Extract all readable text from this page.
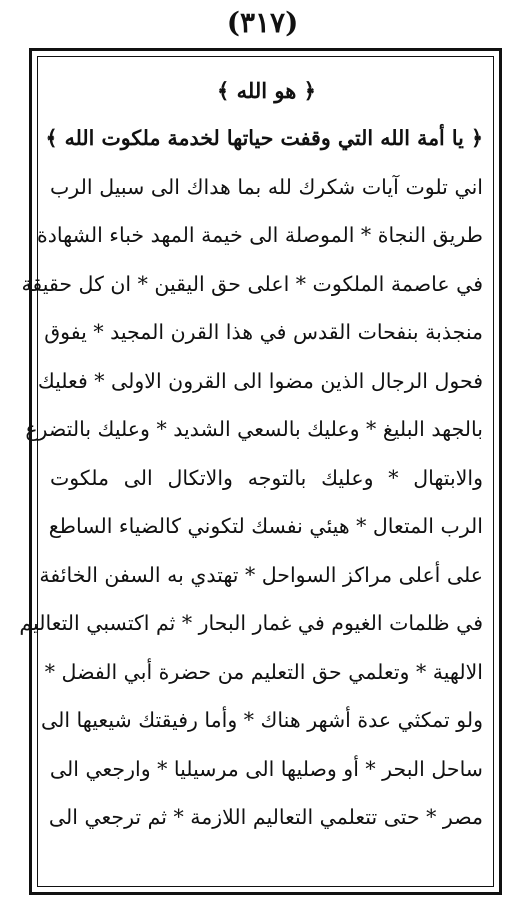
(٣١٧)
﴿ هو الله ﴾
﴿ يا أمة الله التي وقفت حياتها لخدمة ملكوت الله ﴾
اني تلوت آيات شكرك لله بما هداك الى سبيل الرب
طريق النجاة * الموصلة الى خيمة المهد خباء الشهادة
في عاصمة الملكوت * اعلى حق اليقين * ان كل حقيقة
منجذبة بنفحات القدس في هذا القرن المجيد * يفوق
فحول الرجال الذين مضوا الى القرون الاولى * فعليك
بالجهد البليغ * وعليك بالسعي الشديد * وعليك بالتضرع
والابتهال * وعليك بالتوجه والاتكال الى ملكوت
الرب المتعال * هيئي نفسك لتكوني كالضياء الساطع
على أعلى مراكز السواحل * تهتدي به السفن الخائفة
في ظلمات الغيوم في غمار البحار * ثم اكتسبي التعاليم
الالهية * وتعلمي حق التعليم من حضرة أبي الفضل *
ولو تمكثي عدة أشهر هناك * وأما رفيقتك شيعيها الى
ساحل البحر * أو وصليها الى مرسيليا * وارجعي الى
مصر * حتى تتعلمي التعاليم اللازمة * ثم ترجعي الى
